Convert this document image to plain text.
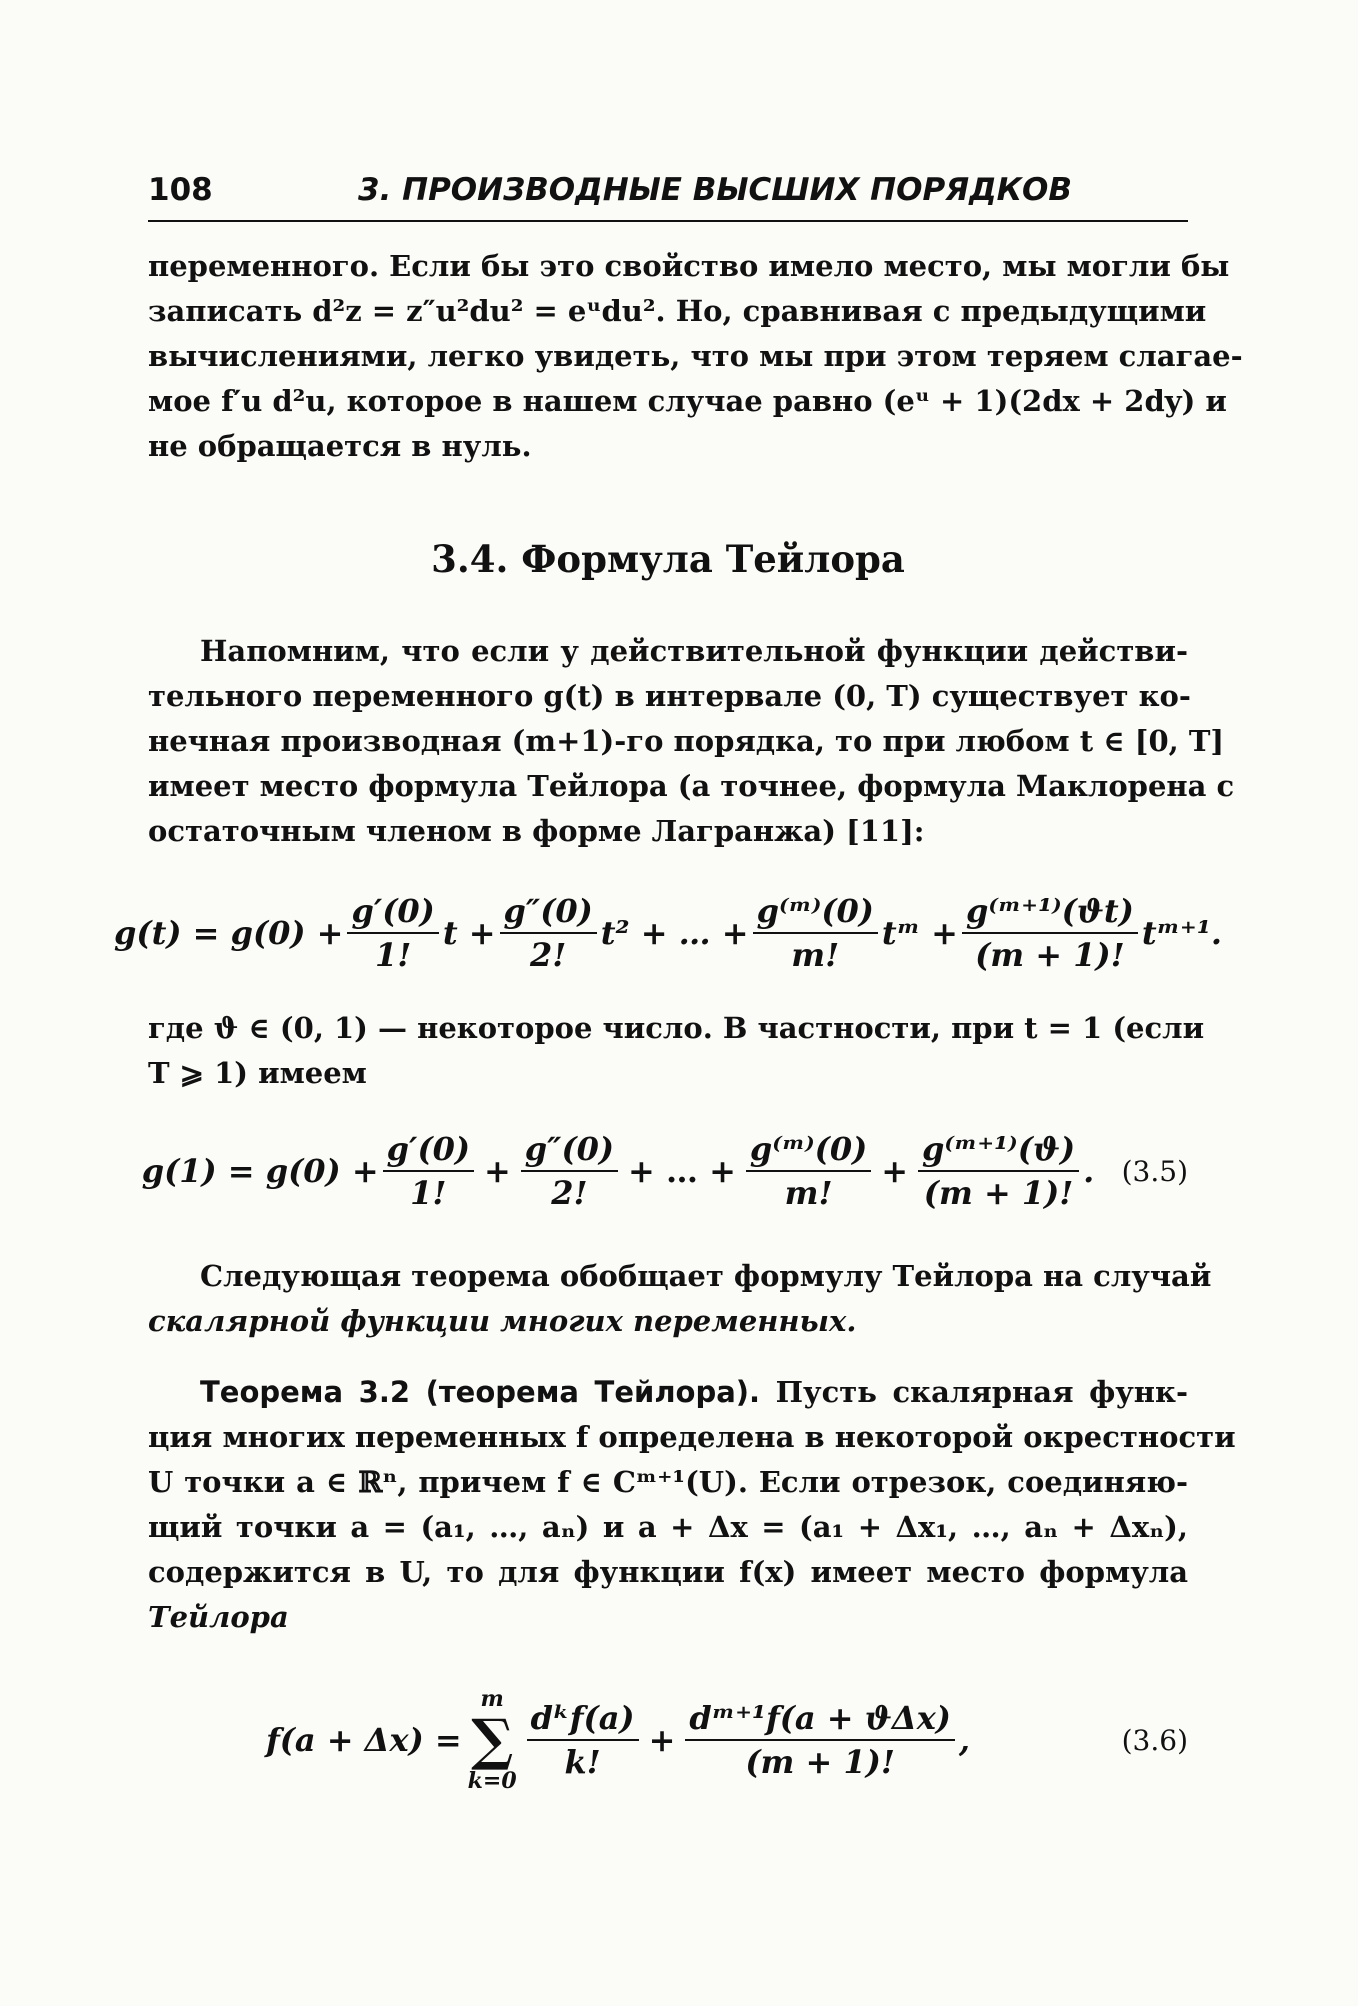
108	3. ПРОИЗВОДНЫЕ ВЫСШИХ ПОРЯДКОВ
переменного. Если бы это свойство имело место, мы могли бы
записать d²z = z″u²du² = eᵘdu². Но, сравнивая с предыдущими
вычислениями, легко увидеть, что мы при этом теряем слагае-
мое f′u d²u, которое в нашем случае равно (eᵘ + 1)(2dx + 2dy) и
не обращается в нуль.
3.4. Формула Тейлора
Напомним, что если у действительной функции действи-
тельного переменного g(t) в интервале (0, T) существует ко-
нечная производная (m+1)-го порядка, то при любом t ∈ [0, T]
имеет место формула Тейлора (а точнее, формула Маклорена с
остаточным членом в форме Лагранжа) [11]:
$g(t) = g(0) + \frac{g'(0)}{1!}$ $t + \frac{g''(0)}{2!} t^2$ + … + $\frac{\text{g⁽ᵐ⁾(0)}}{m!}$ tᵐ + $\frac{\text{g⁽ᵐ⁺¹⁾(ϑt)}}{(m + 1)!}$ tᵐ⁺¹.
где ϑ ∈ (0, 1) — некоторое число. В частности, при t = 1 (если
T ⩾ 1) имеем
$g(1) = g(0) + \frac{g'(0)}{1!} + \frac{g''(0)}{2!}$ + … + $\frac{\text{g⁽ᵐ⁾(0)}}{m!} + \frac{\text{g⁽ᵐ⁺¹⁾(ϑ)}}{(m + 1)!}$ . (3.5)
Следующая теорема обобщает формулу Тейлора на случай
скалярной функции многих переменных.
Теорема 3.2 (теорема Тейлора). Пусть скалярная функ-
ция многих переменных f определена в некоторой окрестности
U точки a ∈ ℝⁿ, причем f ∈ Cᵐ⁺¹(U). Если отрезок, соединяю-
щий точки a = (a₁, …, aₙ) и a + Δx = (a₁ + Δx₁, …, aₙ + Δxₙ),
содержится в U, то для функции f(x) имеет место формула
Тейлора
f(a + Δx) =
m
∑
$k=0 \frac{\text{dᵏf(a)}}{k!} + \frac{\text{dᵐ⁺¹f(a + ϑΔx)}}{(m + 1)!}$ ,	(3.6)
